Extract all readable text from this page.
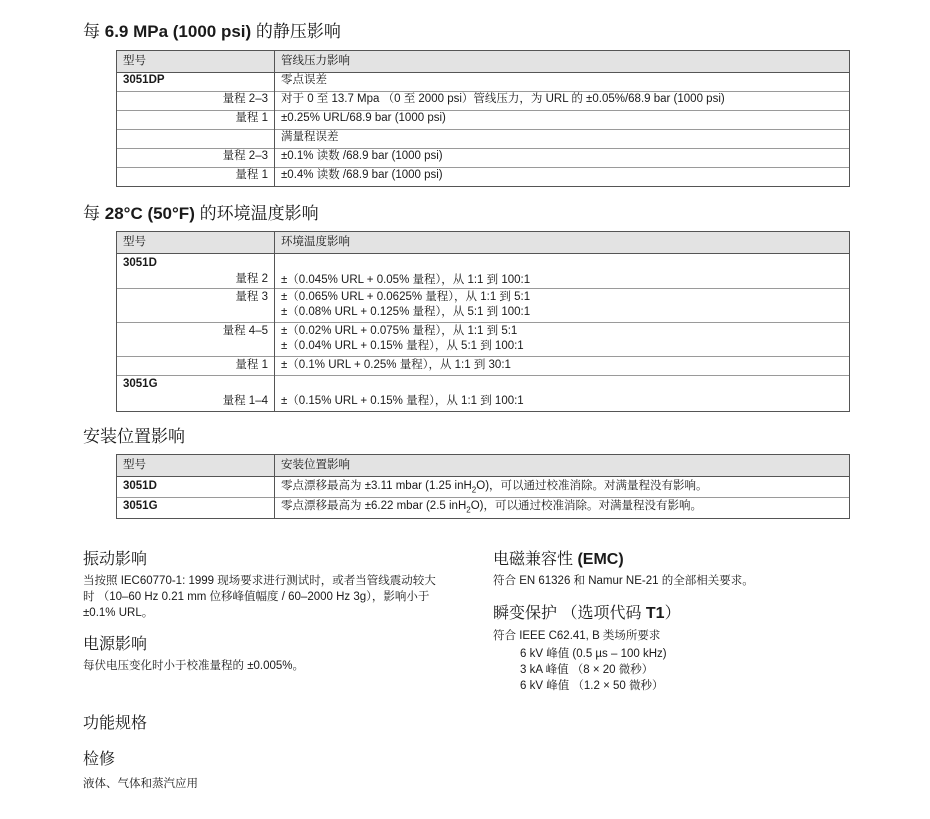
每 6.9 MPa (1000 psi) 的静压影响
型号	管线压力影响
3051DP	零点误差
量程 2–3	对于 0 至 13.7 Mpa （0 至 2000 psi）管线压力，为 URL 的 ±0.05%/68.9 bar (1000 psi)
量程 1	±0.25% URL/68.9 bar (1000 psi)
	满量程误差
量程 2–3	±0.1% 读数 /68.9 bar (1000 psi)
量程 1	±0.4% 读数 /68.9 bar (1000 psi)
每 28°C (50°F) 的环境温度影响
型号	环境温度影响

3051D
量程 2	±（0.045% URL + 0.05% 量程），从 1:1 到 100:1

量程 3	±（0.065% URL + 0.0625% 量程），从 1:1 到 5:1
±（0.08% URL + 0.125% 量程），从 5:1 到 100:1

量程 4–5	±（0.02% URL + 0.075% 量程），从 1:1 到 5:1
±（0.04% URL + 0.15% 量程），从 5:1 到 100:1

量程 1	±（0.1% URL + 0.25% 量程），从 1:1 到 30:1

3051G
量程 1–4	±（0.15% URL + 0.15% 量程），从 1:1 到 100:1
安装位置影响
型号	安装位置影响
3051D	零点漂移最高为 ±3.11 mbar (1.25 inH$_2$O)，可以通过校准消除。对满量程没有影响。
3051G	零点漂移最高为 ±6.22 mbar (2.5 inH$_2$O)，可以通过校准消除。对满量程没有影响。
振动影响
当按照 IEC60770-1: 1999 现场要求进行测试时，或者当管线震动较大时 （10–60 Hz 0.21 mm 位移峰值幅度 / 60–2000 Hz 3g），影响小于 ±0.1% URL。
电源影响
每伏电压变化时小于校准量程的 ±0.005%。
功能规格
检修
液体、气体和蒸汽应用
电磁兼容性 (EMC)
符合 EN 61326 和 Namur NE-21 的全部相关要求。
瞬变保护 （选项代码 T1）
符合 IEEE C62.41, B 类场所要求
6 kV 峰值 (0.5 µs – 100 kHz)
3 kA 峰值 （8 × 20 微秒）
6 kV 峰值 （1.2 × 50 微秒）
